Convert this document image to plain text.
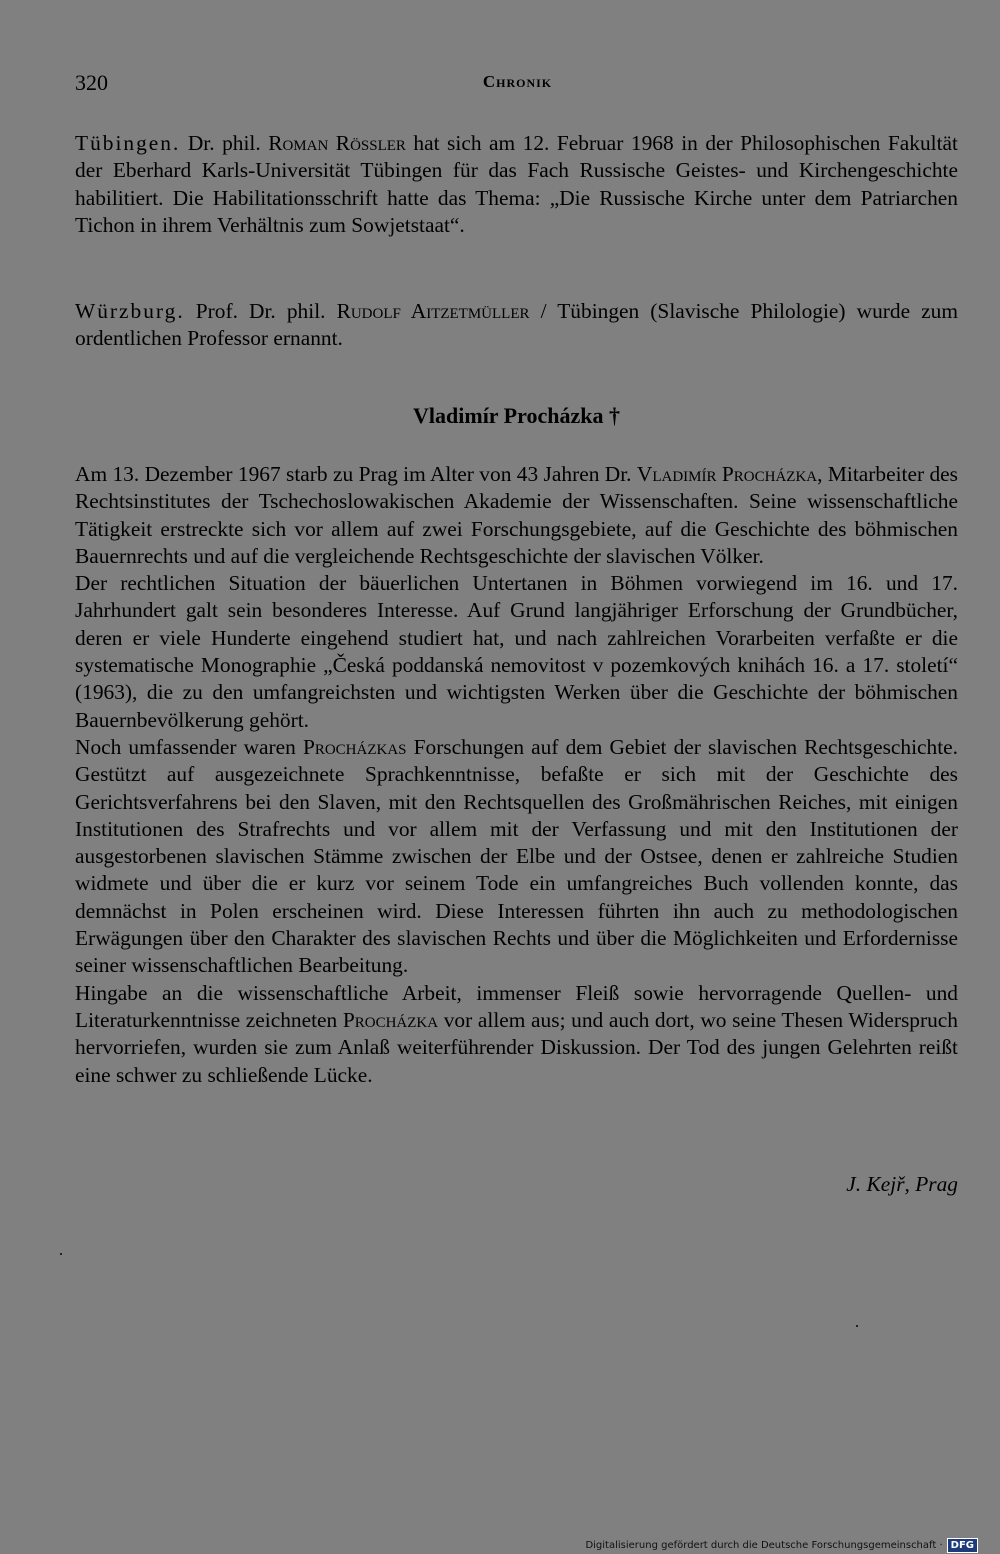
320	Chronik

Tübingen. Dr. phil. Roman Rössler hat sich am 12. Februar 1968 in der Philosophischen Fakultät der Eberhard Karls-Universität Tübingen für das Fach Russische Geistes- und Kirchengeschichte habilitiert. Die Habilitationsschrift hatte das Thema: „Die Russische Kirche unter dem Patriarchen Tichon in ihrem Verhältnis zum Sowjetstaat“.

Würzburg. Prof. Dr. phil. Rudolf Aitzetmüller / Tübingen (Slavische Philologie) wurde zum ordentlichen Professor ernannt.

Vladimír Procházka †

Am 13. Dezember 1967 starb zu Prag im Alter von 43 Jahren Dr. Vladimír Procházka, Mitarbeiter des Rechtsinstitutes der Tschechoslowakischen Akademie der Wissenschaften. Seine wissenschaftliche Tätigkeit erstreckte sich vor allem auf zwei Forschungsgebiete, auf die Geschichte des böhmischen Bauernrechts und auf die vergleichende Rechtsgeschichte der slavischen Völker.

Der rechtlichen Situation der bäuerlichen Untertanen in Böhmen vorwiegend im 16. und 17. Jahrhundert galt sein besonderes Interesse. Auf Grund langjähriger Erforschung der Grundbücher, deren er viele Hunderte eingehend studiert hat, und nach zahlreichen Vorarbeiten verfaßte er die systematische Monographie „Česká poddanská nemovitost v pozemkových knihách 16. a 17. století“ (1963), die zu den umfangreichsten und wichtigsten Werken über die Geschichte der böhmischen Bauernbevölkerung gehört.

Noch umfassender waren Procházkas Forschungen auf dem Gebiet der slavischen Rechtsgeschichte. Gestützt auf ausgezeichnete Sprachkenntnisse, befaßte er sich mit der Geschichte des Gerichtsverfahrens bei den Slaven, mit den Rechtsquellen des Großmährischen Reiches, mit einigen Institutionen des Strafrechts und vor allem mit der Verfassung und mit den Institutionen der ausgestorbenen slavischen Stämme zwischen der Elbe und der Ostsee, denen er zahlreiche Studien widmete und über die er kurz vor seinem Tode ein umfangreiches Buch vollenden konnte, das demnächst in Polen erscheinen wird. Diese Interessen führten ihn auch zu methodologischen Erwägungen über den Charakter des slavischen Rechts und über die Möglichkeiten und Erfordernisse seiner wissenschaftlichen Bearbeitung.

Hingabe an die wissenschaftliche Arbeit, immenser Fleiß sowie hervorragende Quellen- und Literaturkenntnisse zeichneten Procházka vor allem aus; und auch dort, wo seine Thesen Widerspruch hervorriefen, wurden sie zum Anlaß weiterführender Diskussion. Der Tod des jungen Gelehrten reißt eine schwer zu schließende Lücke.

J. Kejř, Prag
Digitalisierung gefördert durch die Deutsche Forschungsgemeinschaft · DFG
